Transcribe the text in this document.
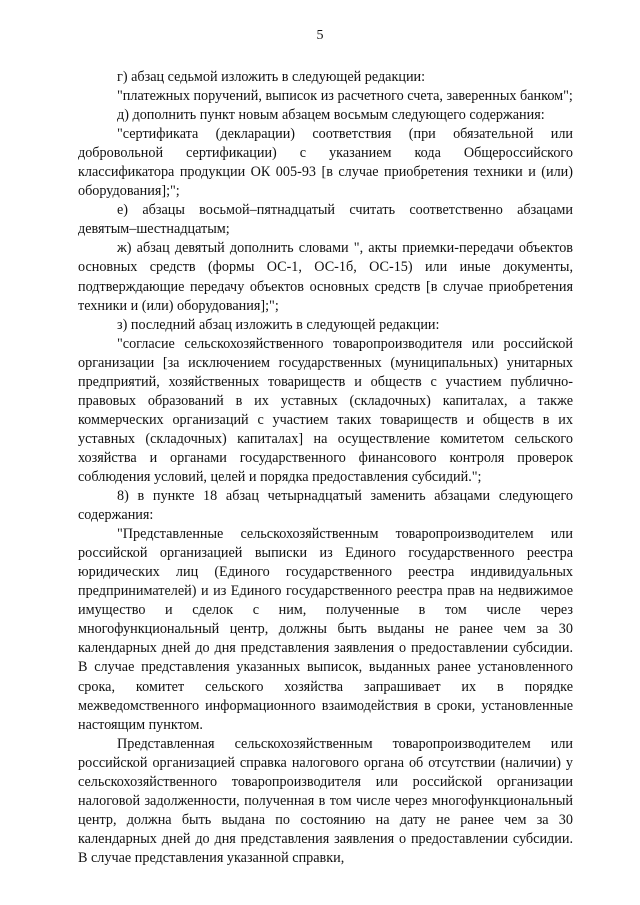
5

г) абзац седьмой изложить в следующей редакции:

"платежных поручений, выписок из расчетного счета, заверенных банком";

д) дополнить пункт новым абзацем восьмым следующего содержания:

"сертификата (декларации) соответствия (при обязательной или добровольной сертификации) с указанием кода Общероссийского классификатора продукции ОК 005-93 [в случае приобретения техники и (или) оборудования];";

е) абзацы восьмой–пятнадцатый считать соответственно абзацами девятым–шестнадцатым;

ж) абзац девятый дополнить словами ", акты приемки-передачи объектов основных средств (формы ОС-1, ОС-1б, ОС-15) или иные документы, подтверждающие передачу объектов основных средств [в случае приобретения техники и (или) оборудования];";

з) последний абзац изложить в следующей редакции:

"согласие сельскохозяйственного товаропроизводителя или российской организации [за исключением государственных (муниципальных) унитарных предприятий, хозяйственных товариществ и обществ с участием публично-правовых образований в их уставных (складочных) капиталах, а также коммерческих организаций с участием таких товариществ и обществ в их уставных (складочных) капиталах] на осуществление комитетом сельского хозяйства и органами государственного финансового контроля проверок соблюдения условий, целей и порядка предоставления субсидий.";

8) в пункте 18 абзац четырнадцатый заменить абзацами следующего содержания:

"Представленные сельскохозяйственным товаропроизводителем или российской организацией выписки из Единого государственного реестра юридических лиц (Единого государственного реестра индивидуальных предпринимателей) и из Единого государственного реестра прав на недвижимое имущество и сделок с ним, полученные в том числе через многофункциональный центр, должны быть выданы не ранее чем за 30 календарных дней до дня представления заявления о предоставлении субсидии. В случае представления указанных выписок, выданных ранее установленного срока, комитет сельского хозяйства запрашивает их в порядке межведомственного информационного взаимодействия в сроки, установленные настоящим пунктом.

Представленная сельскохозяйственным товаропроизводителем или российской организацией справка налогового органа об отсутствии (наличии) у сельскохозяйственного товаропроизводителя или российской организации налоговой задолженности, полученная в том числе через многофункциональный центр, должна быть выдана по состоянию на дату не ранее чем за 30 календарных дней до дня представления заявления о предоставлении субсидии. В случае представления указанной справки,
